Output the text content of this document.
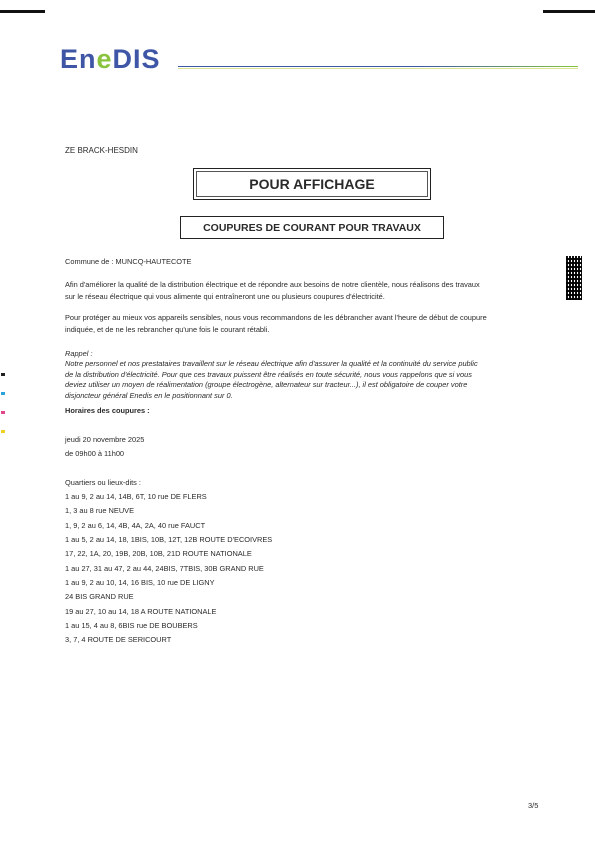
EneDIS
ZE BRACK-HESDIN
POUR AFFICHAGE
COUPURES DE COURANT POUR TRAVAUX
Commune de : MUNCQ-HAUTECOTE
Afin d'améliorer la qualité de la distribution électrique et de répondre aux besoins de notre clientèle, nous réalisons des travaux
sur le réseau électrique qui vous alimente qui entraîneront une ou plusieurs coupures d'électricité.
Pour protéger au mieux vos appareils sensibles, nous vous recommandons de les débrancher avant l'heure de début de coupure
indiquée, et de ne les rebrancher qu'une fois le courant rétabli.
Rappel :
Notre personnel et nos prestataires travaillent sur le réseau électrique afin d'assurer la qualité et la continuité du service public
de la distribution d'électricité. Pour que ces travaux puissent être réalisés en toute sécurité, nous vous rappelons que si vous
deviez utiliser un moyen de réalimentation (groupe électrogène, alternateur sur tracteur...), il est obligatoire de couper votre
disjoncteur général Enedis en le positionnant sur 0.
Horaires des coupures :
jeudi 20 novembre 2025
de 09h00 à 11h00
Quartiers ou lieux-dits :
1 au 9, 2 au 14, 14B, 6T, 10 rue DE FLERS
1, 3 au 8 rue NEUVE
1, 9, 2 au 6, 14, 4B, 4A, 2A, 40 rue FAUCT
1 au 5, 2 au 14, 18, 1BIS, 10B, 12T, 12B ROUTE D'ECOIVRES
17, 22, 1A, 20, 19B, 20B, 10B, 21D ROUTE NATIONALE
1 au 27, 31 au 47, 2 au 44, 24BIS, 7TBIS, 30B GRAND RUE
1 au 9, 2 au 10, 14, 16 BIS, 10 rue DE LIGNY
24 BIS GRAND RUE
19 au 27, 10 au 14, 18 A ROUTE NATIONALE
1 au 15, 4 au 8, 6BIS rue DE BOUBERS
3, 7, 4 ROUTE DE SERICOURT
3/5
